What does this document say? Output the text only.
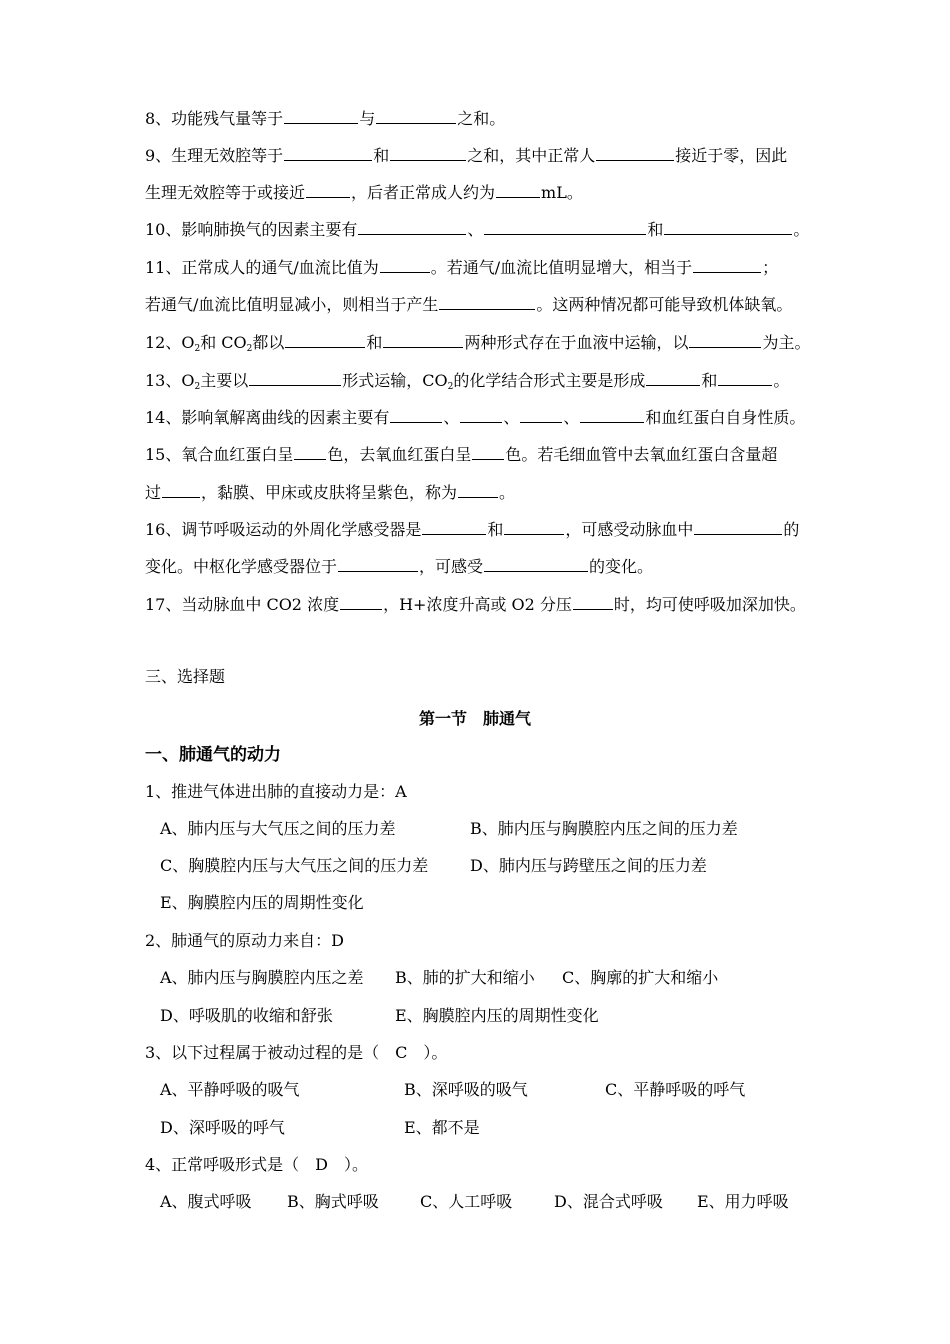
8、功能残气量等于	与	之和。
9、生理无效腔等于	和	之和，其中正常人	接近于零，因此
生理无效腔等于或接近	，后者正常成人约为	mL。
10、影响肺换气的因素主要有	、	和	。
11、正常成人的通气/血流比值为	。若通气/血流比值明显增大，相当于	；
若通气/血流比值明显减小，则相当于产生	。这两种情况都可能导致机体缺氧。
12、$O_2$和 $CO_2$都以	和	两种形式存在于血液中运输，以	为主。
13、$O_2$主要以	形式运输，$CO_2$的化学结合形式主要是形成	和	。
14、影响氧解离曲线的因素主要有	、	、	、	和血红蛋白自身性质。
15、氧合血红蛋白呈 色，去氧血红蛋白呈 色。若毛细血管中去氧血红蛋白含量超
过	，黏膜、甲床或皮肤将呈紫色，称为	。
16、调节呼吸运动的外周化学感受器是	和	，可感受动脉血中	的
变化。中枢化学感受器位于	，可感受	的变化。
17、当动脉血中 CO2 浓度	，H+浓度升高或 O2 分压	时，均可使呼吸加深加快。
三、选择题
第一节　肺通气
一、肺通气的动力
1、推进气体进出肺的直接动力是：A
A、肺内压与大气压之间的压力差	B、肺内压与胸膜腔内压之间的压力差
C、胸膜腔内压与大气压之间的压力差	D、肺内压与跨壁压之间的压力差
E、胸膜腔内压的周期性变化
2、肺通气的原动力来自：D
A、肺内压与胸膜腔内压之差 B、肺的扩大和缩小 C、胸廓的扩大和缩小
D、呼吸肌的收缩和舒张	E、胸膜腔内压的周期性变化
3、以下过程属于被动过程的是（　C　）。
A、平静呼吸的吸气	B、深呼吸的吸气	C、平静呼吸的呼气
D、深呼吸的呼气	E、都不是
4、正常呼吸形式是（　D　）。
A、腹式呼吸 B、胸式呼吸	C、人工呼吸	D、混合式呼吸 E、用力呼吸
